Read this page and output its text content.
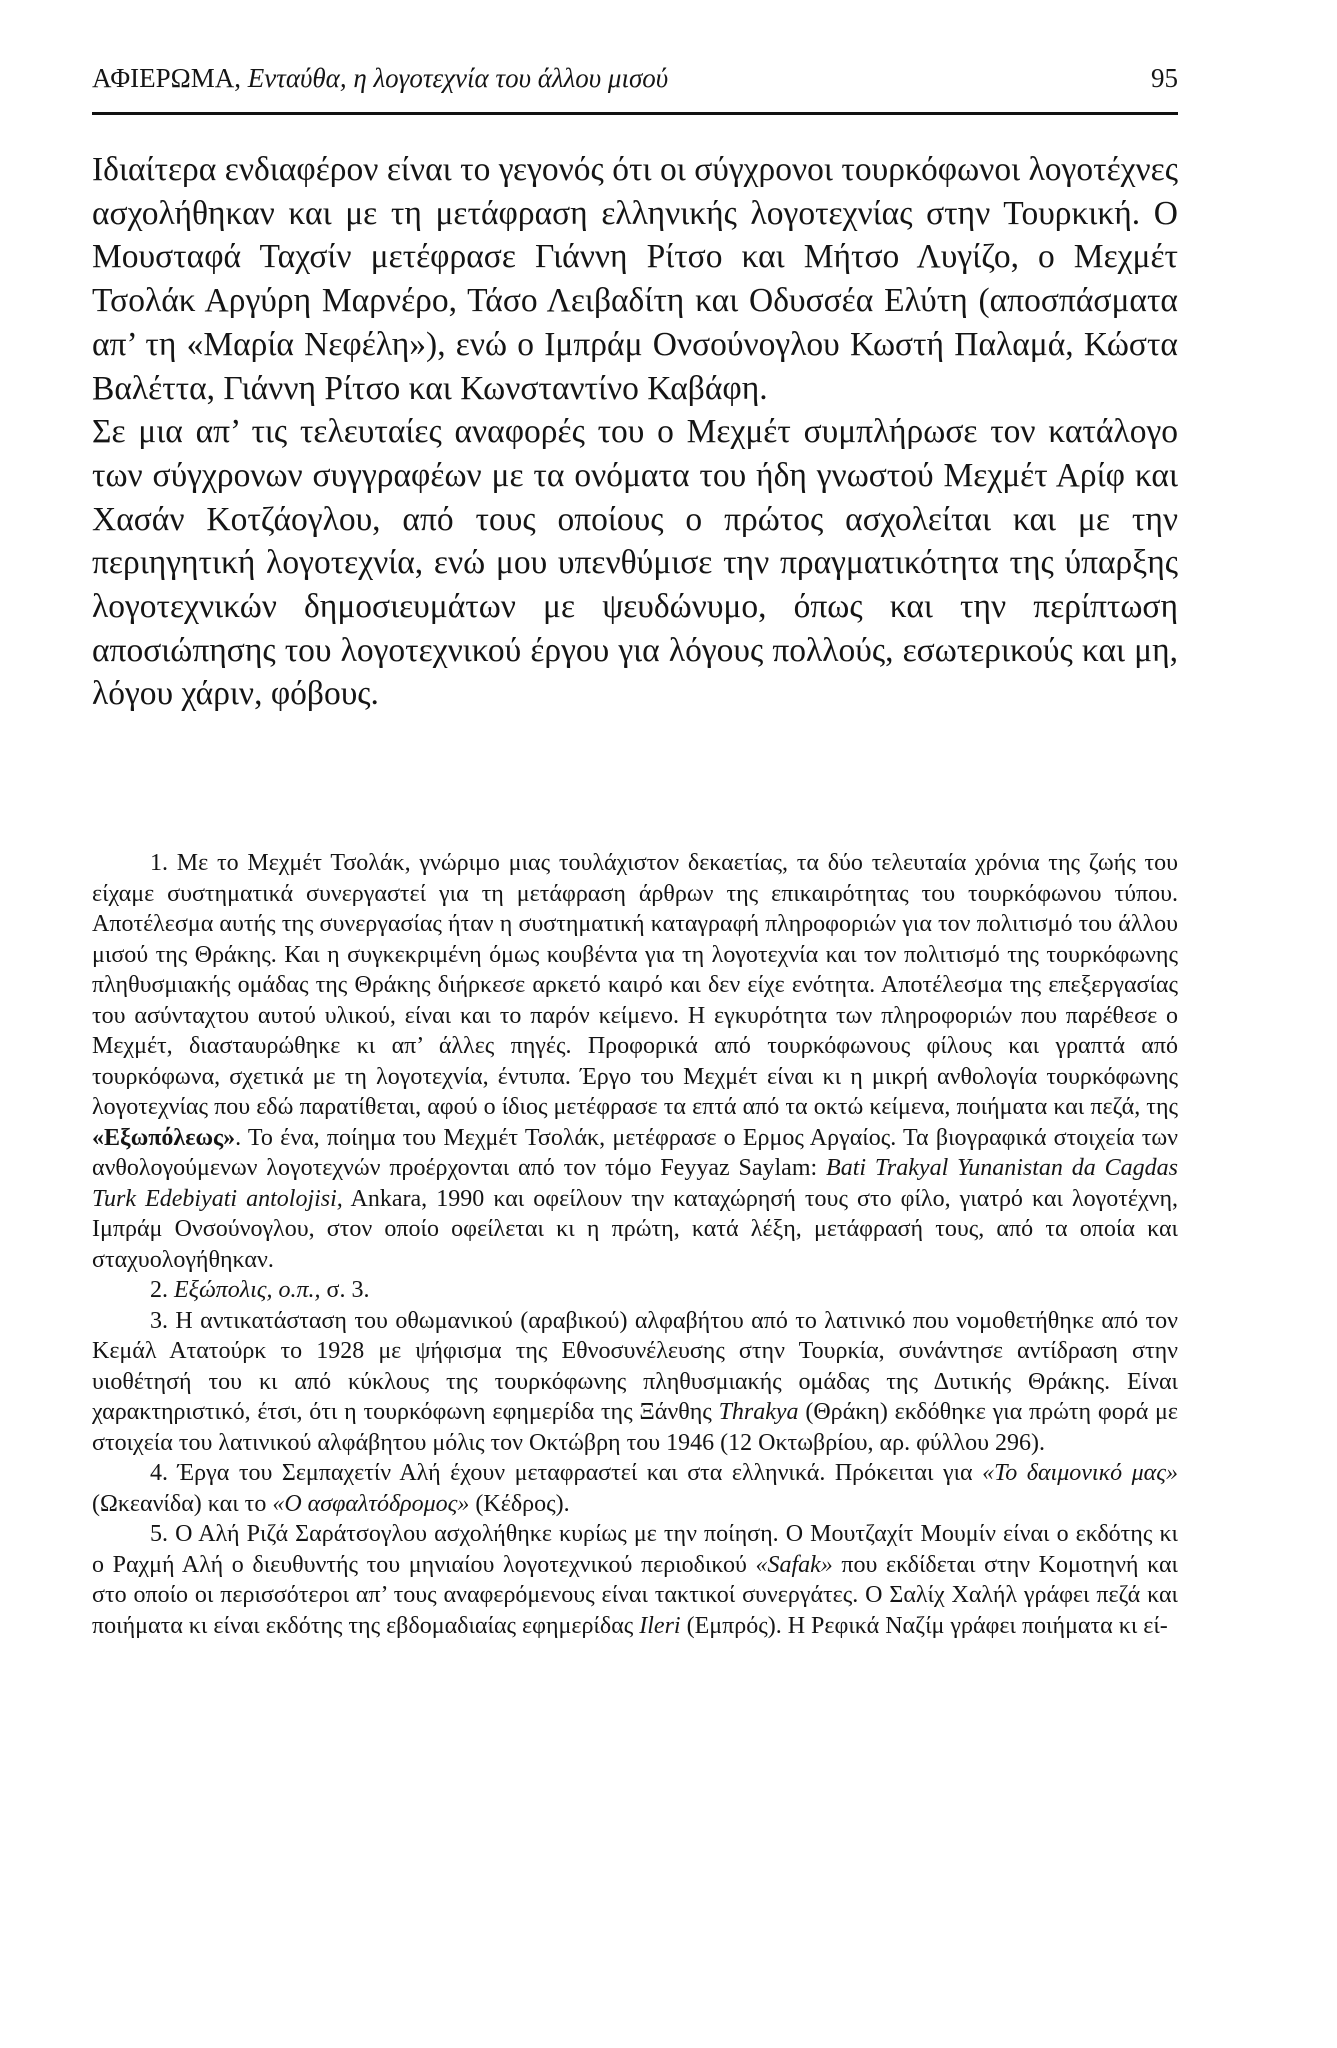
ΑΦΙΕΡΩΜΑ, Ενταύθα, η λογοτεχνία του άλλου μισού	95

Ιδιαίτερα ενδιαφέρον είναι το γεγονός ότι οι σύγχρονοι τουρκόφωνοι λογοτέχνες ασχολήθηκαν και με τη μετάφραση ελληνικής λογοτεχνίας στην Τουρκική. Ο Μουσταφά Ταχσίν μετέφρασε Γιάννη Ρίτσο και Μήτσο Λυγίζο, ο Μεχμέτ Τσολάκ Αργύρη Μαρνέρο, Τάσο Λειβαδίτη και Οδυσσέα Ελύτη (αποσπάσματα απ’ τη «Μαρία Νεφέλη»), ενώ ο Ιμπράμ Ονσούνογλου Κωστή Παλαμά, Κώστα Βαλέττα, Γιάννη Ρίτσο και Κωνσταντίνο Καβάφη.

Σε μια απ’ τις τελευταίες αναφορές του ο Μεχμέτ συμπλήρωσε τον κατάλογο των σύγχρονων συγγραφέων με τα ονόματα του ήδη γνωστού Μεχμέτ Αρίφ και Χασάν Κοτζάογλου, από τους οποίους ο πρώτος ασχολείται και με την περιηγητική λογοτεχνία, ενώ μου υπενθύμισε την πραγματικότητα της ύπαρξης λογοτεχνικών δημοσιευμάτων με ψευδώνυμο, όπως και την περίπτωση αποσιώπησης του λογοτεχνικού έργου για λόγους πολλούς, εσωτερικούς και μη, λόγου χάριν, φόβους.

1. Με το Μεχμέτ Τσολάκ, γνώριμο μιας τουλάχιστον δεκαετίας, τα δύο τελευταία χρόνια της ζωής του είχαμε συστηματικά συνεργαστεί για τη μετάφραση άρθρων της επικαιρότητας του τουρκόφωνου τύπου. Αποτέλεσμα αυτής της συνεργασίας ήταν η συστηματική καταγραφή πληροφοριών για τον πολιτισμό του άλλου μισού της Θράκης. Και η συγκεκριμένη όμως κουβέντα για τη λογοτεχνία και τον πολιτισμό της τουρκόφωνης πληθυσμιακής ομάδας της Θράκης διήρκεσε αρκετό καιρό και δεν είχε ενότητα. Αποτέλεσμα της επεξεργασίας του ασύνταχτου αυτού υλικού, είναι και το παρόν κείμενο. Η εγκυρότητα των πληροφοριών που παρέθεσε ο Μεχμέτ, διασταυρώθηκε κι απ’ άλλες πηγές. Προφορικά από τουρκόφωνους φίλους και γραπτά από τουρκόφωνα, σχετικά με τη λογοτεχνία, έντυπα. Έργο του Μεχμέτ είναι κι η μικρή ανθολογία τουρκόφωνης λογοτεχνίας που εδώ παρατίθεται, αφού ο ίδιος μετέφρασε τα επτά από τα οκτώ κείμενα, ποιήματα και πεζά, της «Εξωπόλεως». Το ένα, ποίημα του Μεχμέτ Τσολάκ, μετέφρασε ο Ερμος Αργαίος. Τα βιογραφικά στοιχεία των ανθολογούμενων λογοτεχνών προέρχονται από τον τόμο Feyyaz Saylam: Bati Trakyal Yunanistan da Cagdas Turk Edebiyati antolojisi, Ankara, 1990 και οφείλουν την καταχώρησή τους στο φίλο, γιατρό και λογοτέχνη, Ιμπράμ Ονσούνογλου, στον οποίο οφείλεται κι η πρώτη, κατά λέξη, μετάφρασή τους, από τα οποία και σταχυολογήθηκαν.

2. Εξώπολις, ο.π., σ. 3.

3. Η αντικατάσταση του οθωμανικού (αραβικού) αλφαβήτου από το λατινικό που νομοθετήθηκε από τον Κεμάλ Ατατούρκ το 1928 με ψήφισμα της Εθνοσυνέλευσης στην Τουρκία, συνάντησε αντίδραση στην υιοθέτησή του κι από κύκλους της τουρκόφωνης πληθυσμιακής ομάδας της Δυτικής Θράκης. Είναι χαρακτηριστικό, έτσι, ότι η τουρκόφωνη εφημερίδα της Ξάνθης Thrakya (Θράκη) εκδόθηκε για πρώτη φορά με στοιχεία του λατινικού αλφάβητου μόλις τον Οκτώβρη του 1946 (12 Οκτωβρίου, αρ. φύλλου 296).

4. Έργα του Σεμπαχετίν Αλή έχουν μεταφραστεί και στα ελληνικά. Πρόκειται για «Το δαιμονικό μας» (Ωκεανίδα) και το «Ο ασφαλτόδρομος» (Κέδρος).

5. Ο Αλή Ριζά Σαράτσογλου ασχολήθηκε κυρίως με την ποίηση. Ο Μουτζαχίτ Μουμίν είναι ο εκδότης κι ο Ραχμή Αλή ο διευθυντής του μηνιαίου λογοτεχνικού περιοδικού «Safak» που εκδίδεται στην Κομοτηνή και στο οποίο οι περισσότεροι απ’ τους αναφερόμενους είναι τακτικοί συνεργάτες. Ο Σαλίχ Χαλήλ γράφει πεζά και ποιήματα κι είναι εκδότης της εβδομαδιαίας εφημερίδας Ileri (Εμπρός). Η Ρεφικά Ναζίμ γράφει ποιήματα κι εί-
